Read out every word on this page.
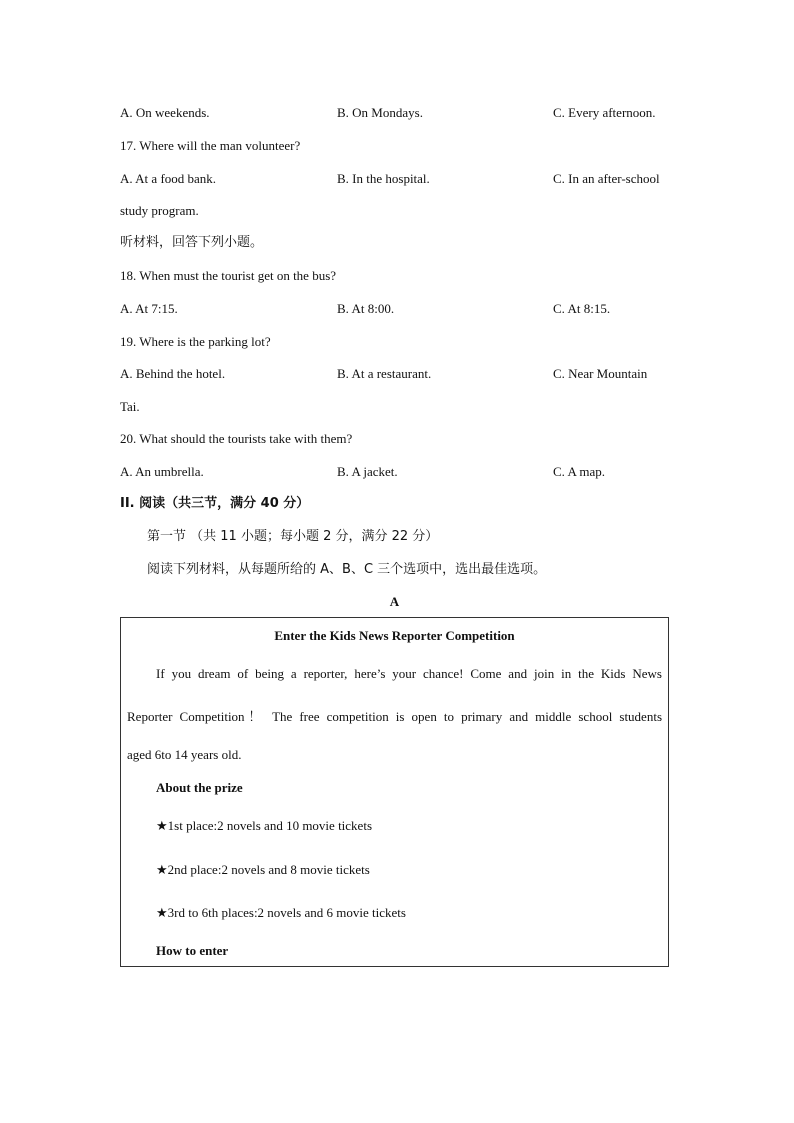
A. On weekends.	B. On Mondays.	C. Every afternoon.
17. Where will the man volunteer?
A. At a food bank.	B. In the hospital.	C. In an after-school
study program.
听材料，回答下列小题。
18. When must the tourist get on the bus?
A. At 7:15.	B. At 8:00.	C. At 8:15.
19. Where is the parking lot?
A. Behind the hotel.	B. At a restaurant.	C. Near Mountain
Tai.
20. What should the tourists take with them?
A. An umbrella.	B. A jacket.	C. A map.
II. 阅读（共三节，满分 40 分）
第一节 （共 11 小题；每小题 2 分，满分 22 分）
阅读下列材料，从每题所给的 A、B、C 三个选项中，选出最佳选项。
A
Enter the Kids News Reporter Competition
If you dream of being a reporter, here’s your chance! Come and join in the Kids News
Reporter Competition！ The free competition is open to primary and middle school students
aged 6to 14 years old.
About the prize
★1st place:2 novels and 10 movie tickets
★2nd place:2 novels and 8 movie tickets
★3rd to 6th places:2 novels and 6 movie tickets
How to enter
